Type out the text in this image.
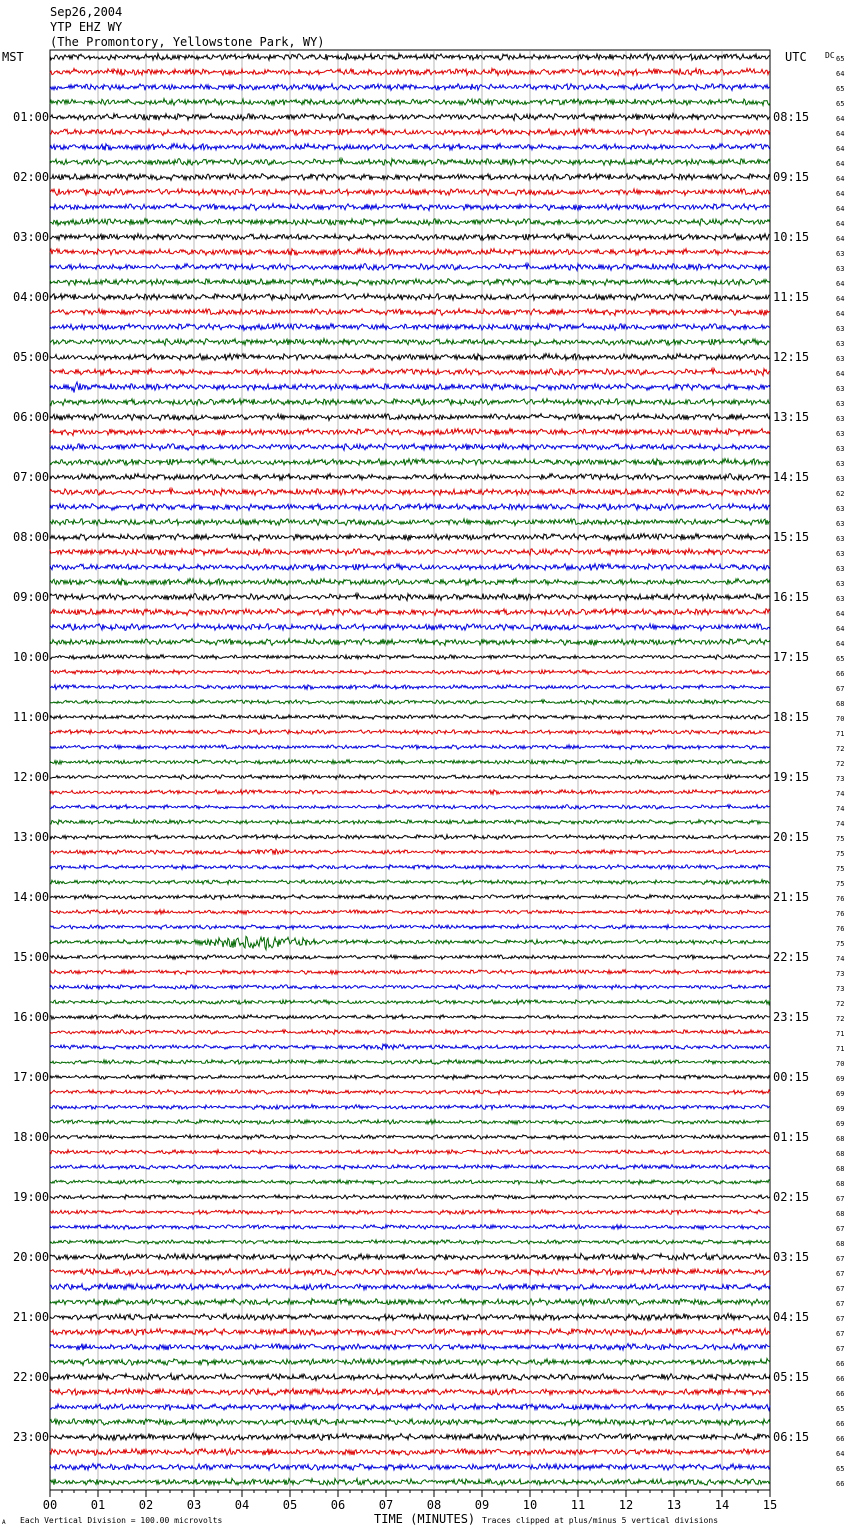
Sep26,2004
YTP EHZ WY
(The Promontory, Yellowstone Park, WY)
MST	UTC DC
01:00
02:00
03:00
04:00
05:00
06:00
07:00
08:00
09:00
10:00
11:00
12:00
13:00
14:00
15:00
16:00
17:00
18:00
19:00
20:00
21:00
22:00
23:00
08:15
09:15
10:15
11:15
12:15
13:15
14:15
15:15
16:15
17:15
18:15
19:15
20:15
21:15
22:15
23:15
00:15
01:15
02:15
03:15
04:15
05:15
06:15
65
64
65
65
64
64
64
64
64
64
64
64
64
63
63
64
64
64
63
63
63
64
63
63
63
63
63
63
63
62
63
63
63
63
63
63
63
64
64
64
65
66
67
68
70
71
72
72
73
74
74
74
75
75
75
75
76
76
76
75
74
73
73
72
72
71
71
70
69
69
69
69
68
68
68
68
67
68
67
68
67
67
67
67
67
67
67
66
66
66
65
66
66
64
65
66
00	01	02	03	04	05	06	07	08	09	10	11	12	13	14	15
A Each Vertical Division = 100.00 microvolts	TIME (MINUTES) Traces clipped at plus/minus 5 vertical divisions
